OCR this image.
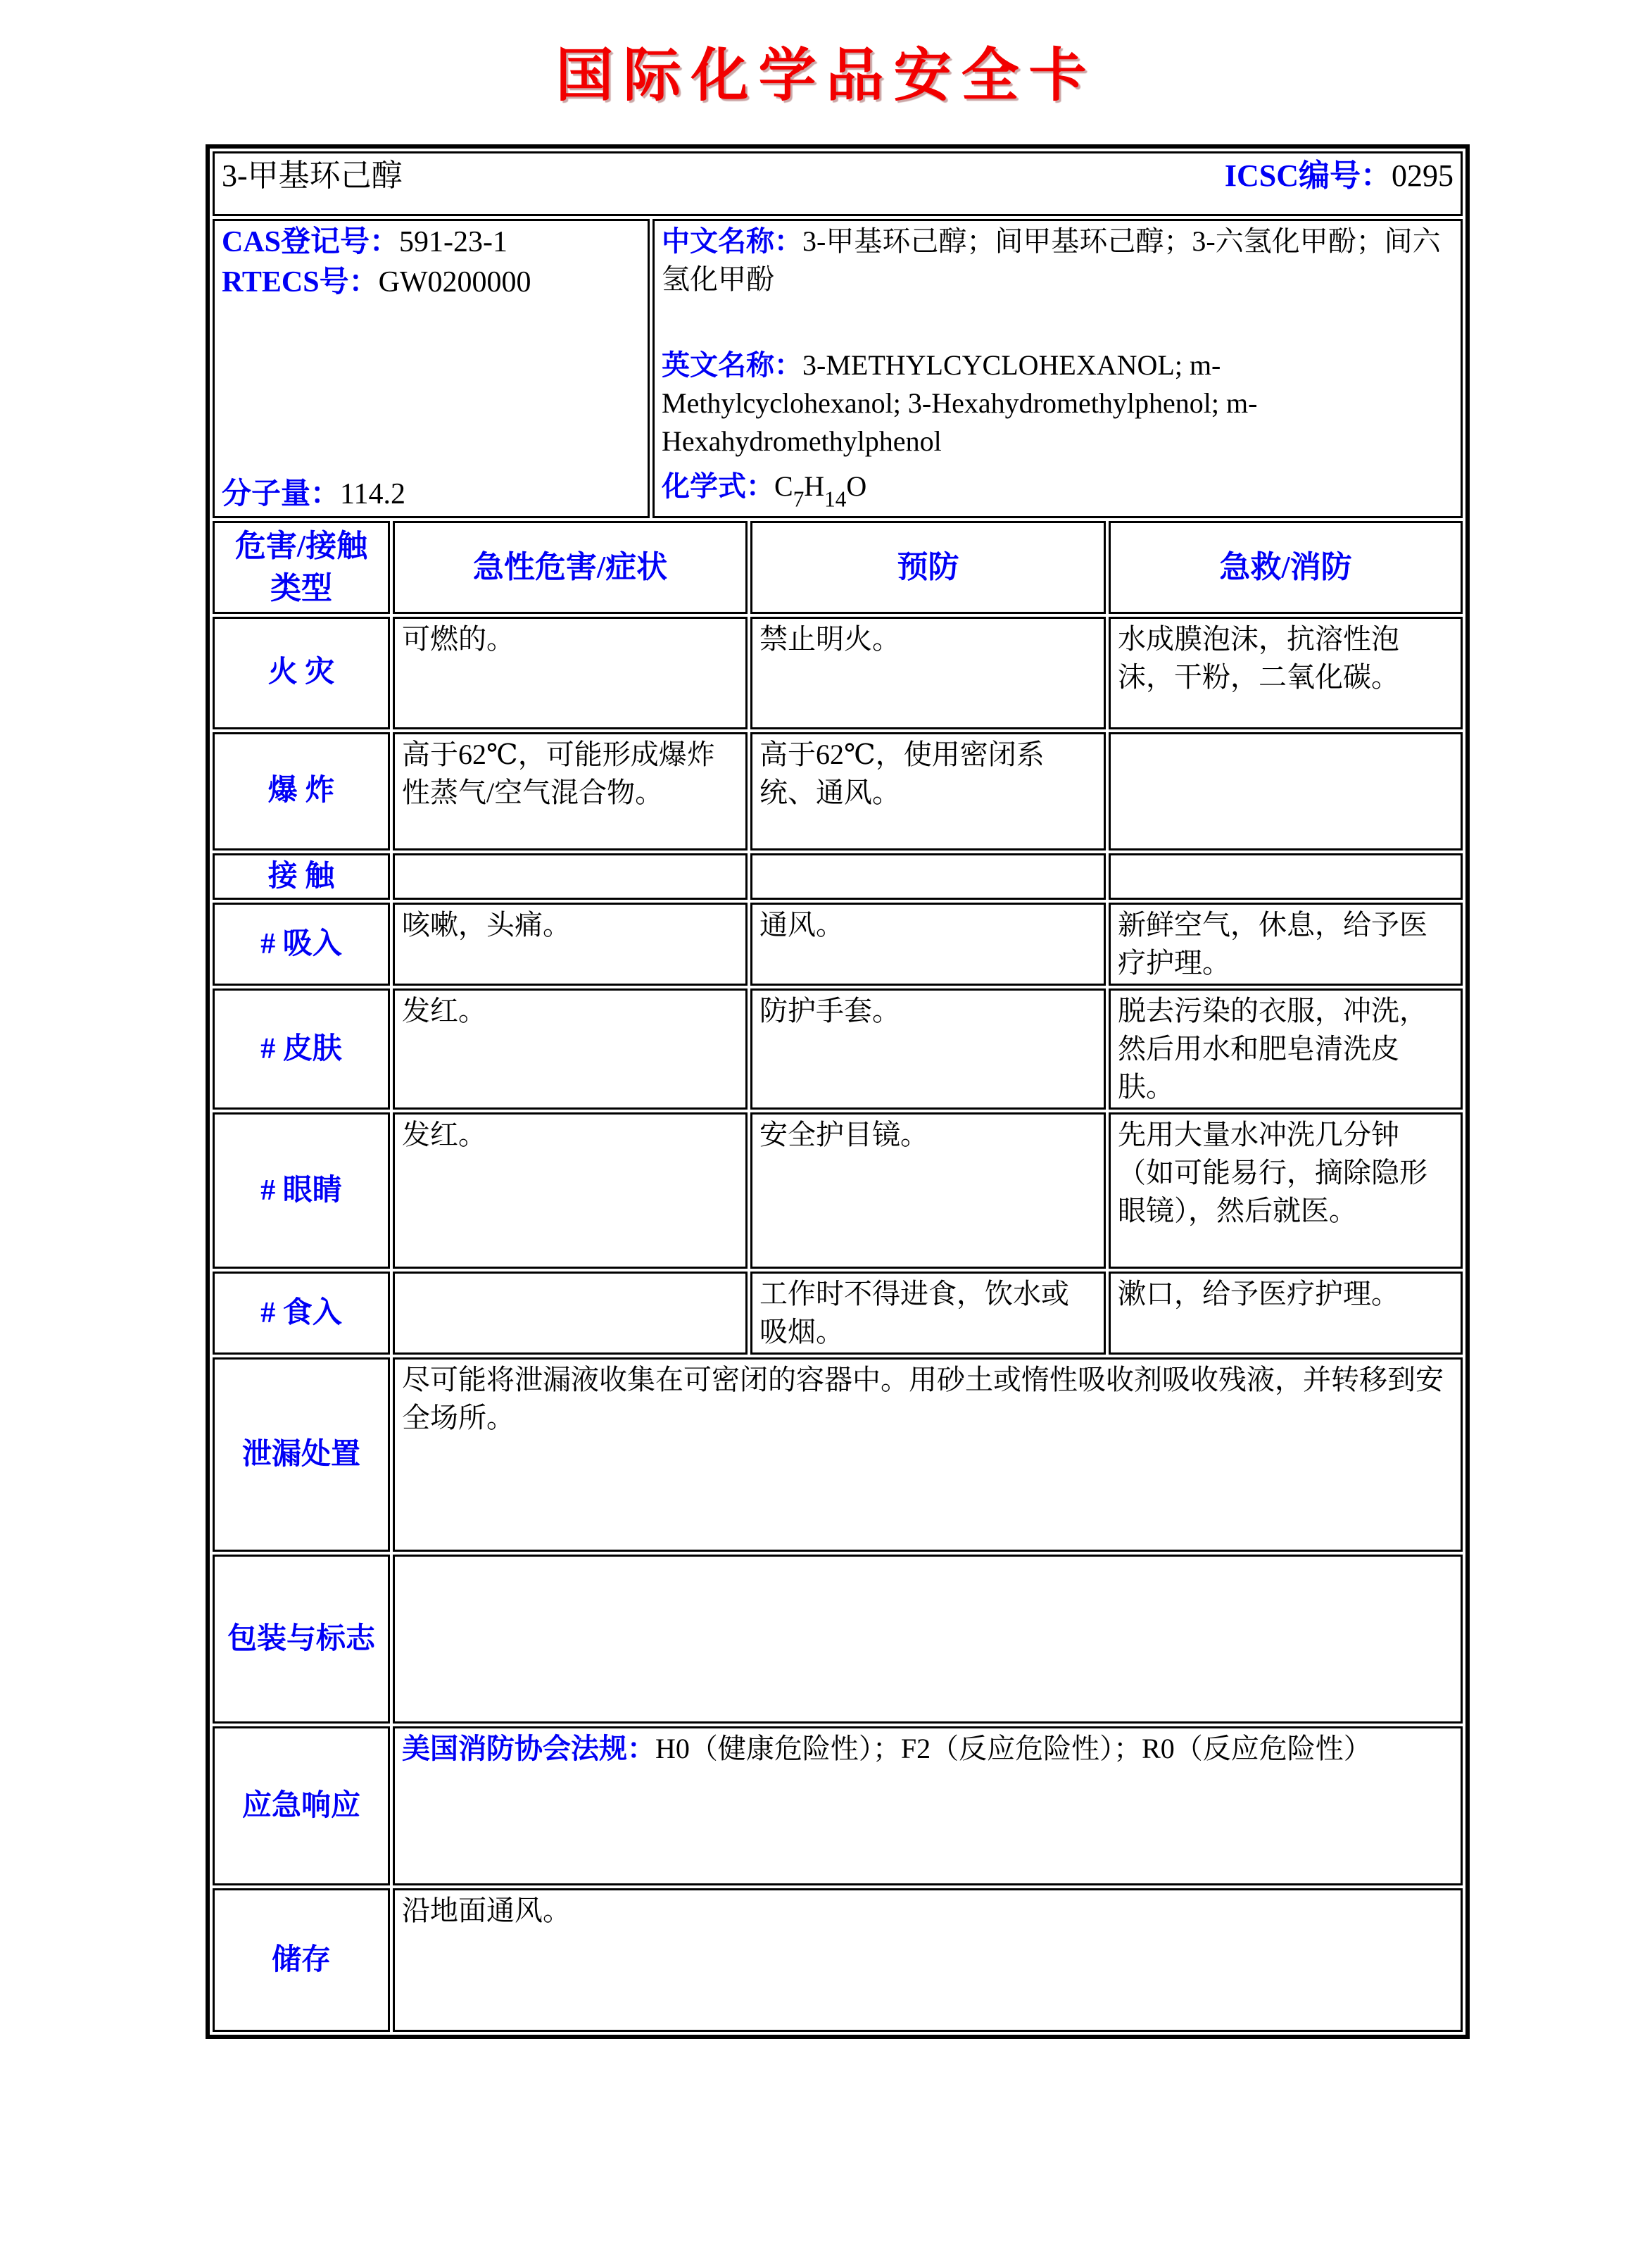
国际化学品安全卡
3-甲基环己醇 ICSC编号：0295				

CAS登记号：591-23-1
RTECS号：GW0200000
分子量：114.2

中文名称：3-甲基环己醇；间甲基环己醇；3-六氢化甲酚；间六氢化甲酚
英文名称：3-METHYLCYCLOHEXANOL; m-Methylcyclohexanol; 3-Hexahydromethylphenol; m-Hexahydromethylphenol
化学式：$C_7H_{14}O$

危害/接触类型	急性危害/症状		预防	急救/消防
火 灾	可燃的。		禁止明火。	水成膜泡沫，抗溶性泡沫，干粉，二氧化碳。
爆 炸	高于62℃，可能形成爆炸性蒸气/空气混合物。		高于62℃，使用密闭系统、通风。	
接 触				
# 吸入	咳嗽，头痛。		通风。	新鲜空气，休息，给予医疗护理。
# 皮肤	发红。		防护手套。	脱去污染的衣服，冲洗，然后用水和肥皂清洗皮肤。
# 眼睛	发红。		安全护目镜。	先用大量水冲洗几分钟（如可能易行，摘除隐形眼镜），然后就医。
# 食入			工作时不得进食，饮水或吸烟。	漱口，给予医疗护理。
泄漏处置	尽可能将泄漏液收集在可密闭的容器中。用砂土或惰性吸收剂吸收残液，并转移到安全场所。			
包装与标志				
应急响应	美国消防协会法规：H0（健康危险性）；F2（反应危险性）；R0（反应危险性）			
储存	沿地面通风。			
